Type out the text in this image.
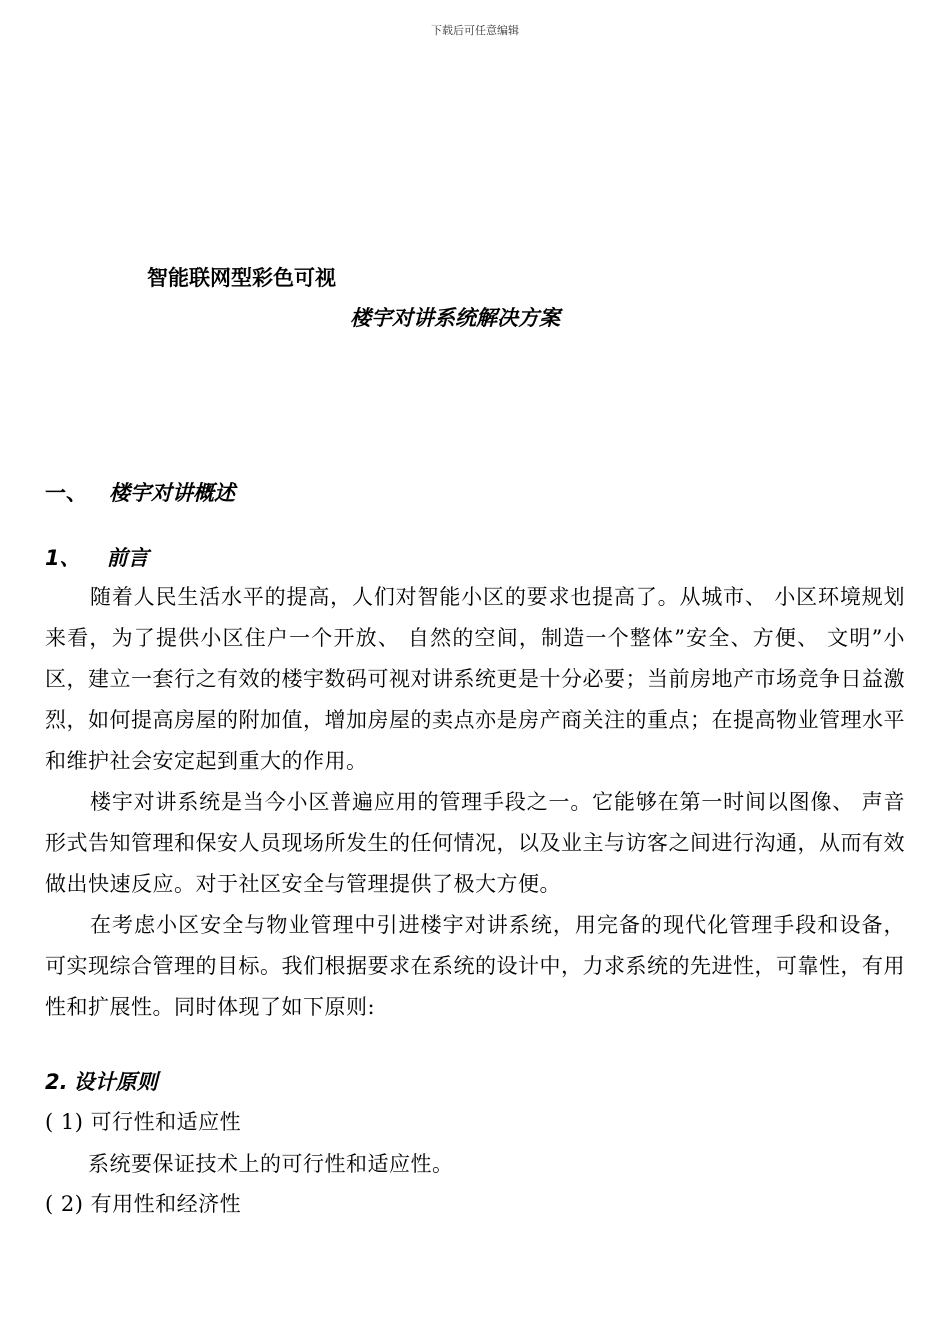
下载后可任意编辑
智能联网型彩色可视
楼宇对讲系统解决方案
一、 楼宇对讲概述
1、 前言

随着人民生活水平的提高，人们对智能小区的要求也提高了。从城市、 小区环境规划来看，为了提供小区住户一个开放、 自然的空间，制造一个整体”安全、方便、 文明”小区，建立一套行之有效的楼宇数码可视对讲系统更是十分必要；当前房地产市场竞争日益激烈，如何提高房屋的附加值，增加房屋的卖点亦是房产商关注的重点；在提高物业管理水平和维护社会安定起到重大的作用。

楼宇对讲系统是当今小区普遍应用的管理手段之一。它能够在第一时间以图像、 声音形式告知管理和保安人员现场所发生的任何情况，以及业主与访客之间进行沟通，从而有效做出快速反应。对于社区安全与管理提供了极大方便。

在考虑小区安全与物业管理中引进楼宇对讲系统，用完备的现代化管理手段和设备，可实现综合管理的目标。我们根据要求在系统的设计中，力求系统的先进性，可靠性，有用性和扩展性。同时体现了如下原则:

2. 设计原则
( 1) 可行性和适应性
系统要保证技术上的可行性和适应性。
( 2) 有用性和经济性
